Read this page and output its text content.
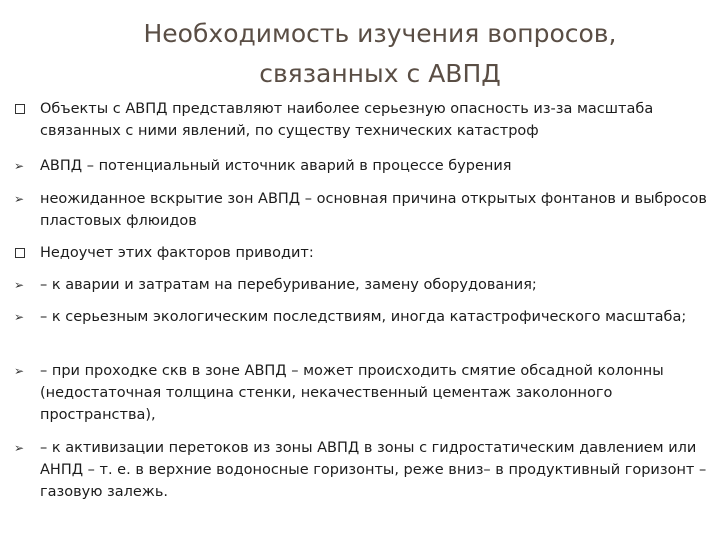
Необходимость изучения вопросов,
связанных с АВПД
Объекты с АВПД представляют наиболее серьезную опасность из-за масштаба связанных с ними явлений, по существу технических катастроф
➢ АВПД – потенциальный источник аварий в процессе бурения
➢ неожиданное вскрытие зон АВПД – основная причина открытых фонтанов и выбросов пластовых флюидов
Недоучет этих факторов приводит:
➢ – к аварии и затратам на перебуривание, замену оборудования;
➢ – к серьезным экологическим последствиям, иногда катастрофического масштаба;
➢ – при проходке скв в зоне АВПД – может происходить смятие обсадной колонны (недостаточная толщина стенки, некачественный цементаж заколонного пространства),
➢ – к активизации перетоков из зоны АВПД в зоны с гидростатическим давлением или АНПД – т. е. в верхние водоносные горизонты, реже вниз– в продуктивный горизонт – газовую залежь.
